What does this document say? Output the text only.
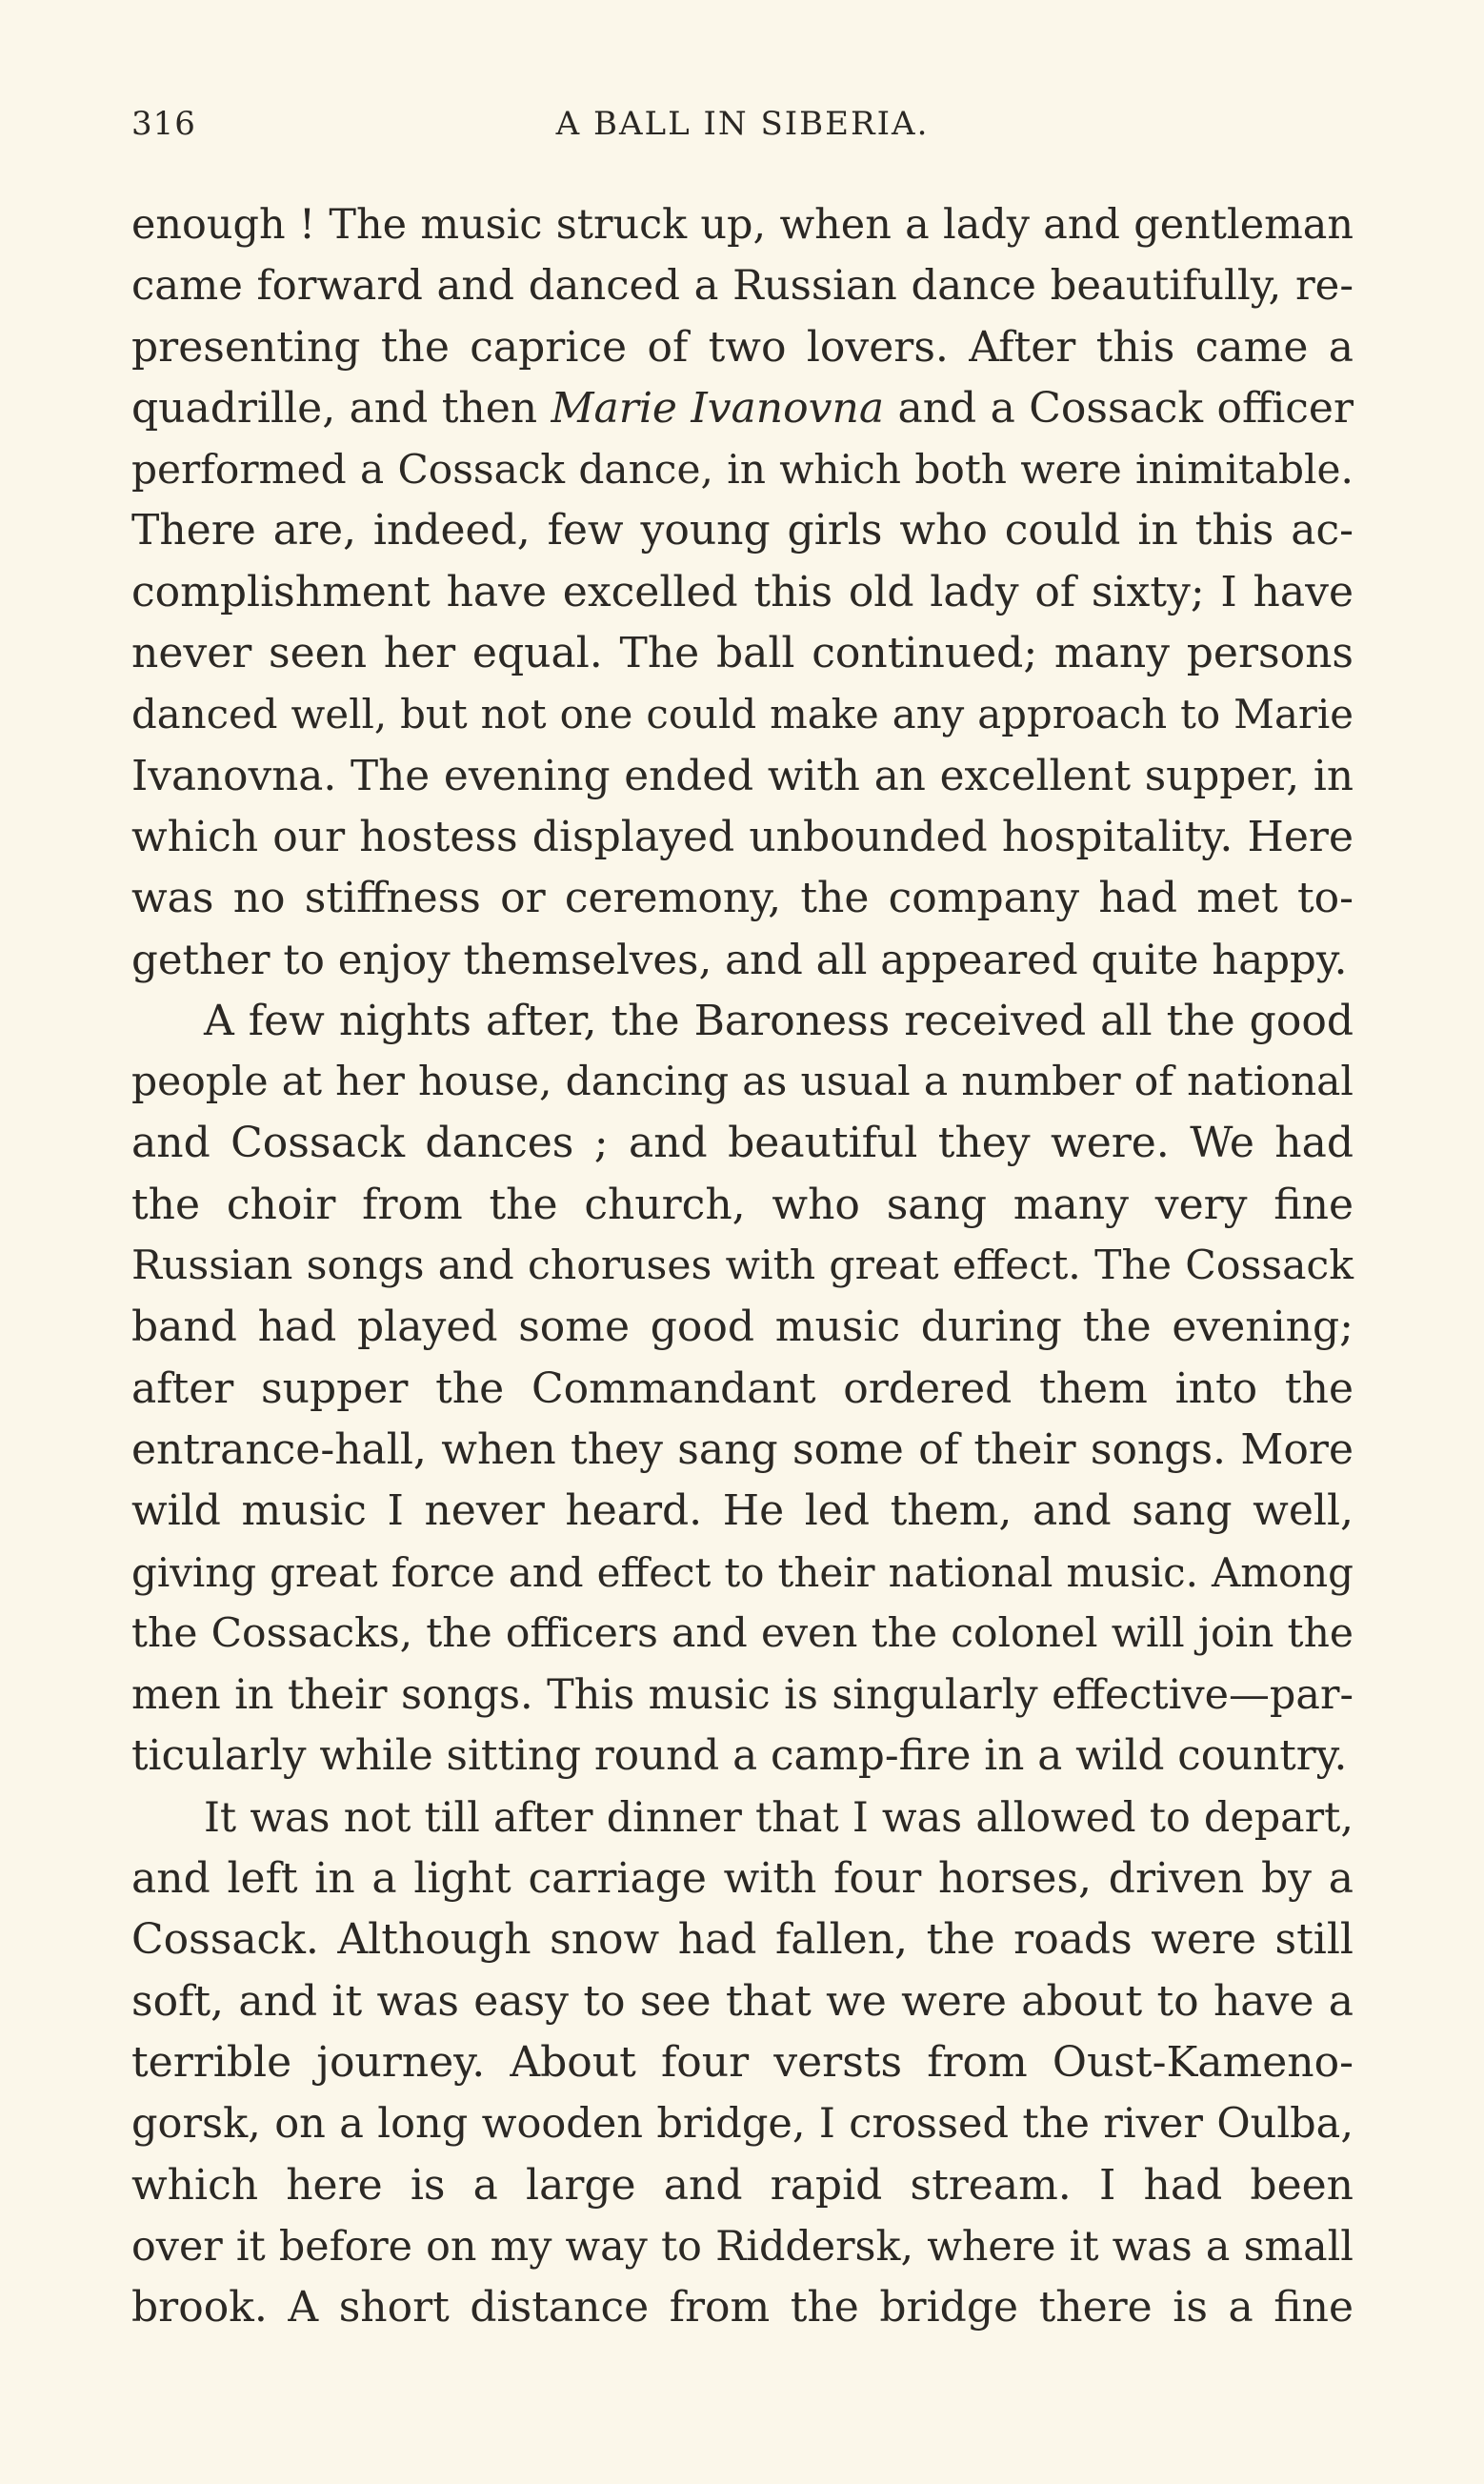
316	A BALL IN SIBERIA.
enough ! The music struck up, when a lady and gentleman
came forward and danced a Russian dance beautifully, re-
presenting the caprice of two lovers. After this came a
quadrille, and then Marie Ivanovna and a Cossack officer
performed a Cossack dance, in which both were inimitable.
There are, indeed, few young girls who could in this ac-
complishment have excelled this old lady of sixty; I have
never seen her equal. The ball continued; many persons
danced well, but not one could make any approach to Marie
Ivanovna. The evening ended with an excellent supper, in
which our hostess displayed unbounded hospitality. Here
was no stiffness or ceremony, the company had met to-
gether to enjoy themselves, and all appeared quite happy.
A few nights after, the Baroness received all the good
people at her house, dancing as usual a number of national
and Cossack dances ; and beautiful they were. We had
the choir from the church, who sang many very fine
Russian songs and choruses with great effect. The Cossack
band had played some good music during the evening;
after supper the Commandant ordered them into the
entrance-hall, when they sang some of their songs. More
wild music I never heard. He led them, and sang well,
giving great force and effect to their national music. Among
the Cossacks, the officers and even the colonel will join the
men in their songs. This music is singularly effective—par-
ticularly while sitting round a camp-fire in a wild country.
It was not till after dinner that I was allowed to depart,
and left in a light carriage with four horses, driven by a
Cossack. Although snow had fallen, the roads were still
soft, and it was easy to see that we were about to have a
terrible journey. About four versts from Oust-Kameno-
gorsk, on a long wooden bridge, I crossed the river Oulba,
which here is a large and rapid stream. I had been
over it before on my way to Riddersk, where it was a small
brook. A short distance from the bridge there is a fine
